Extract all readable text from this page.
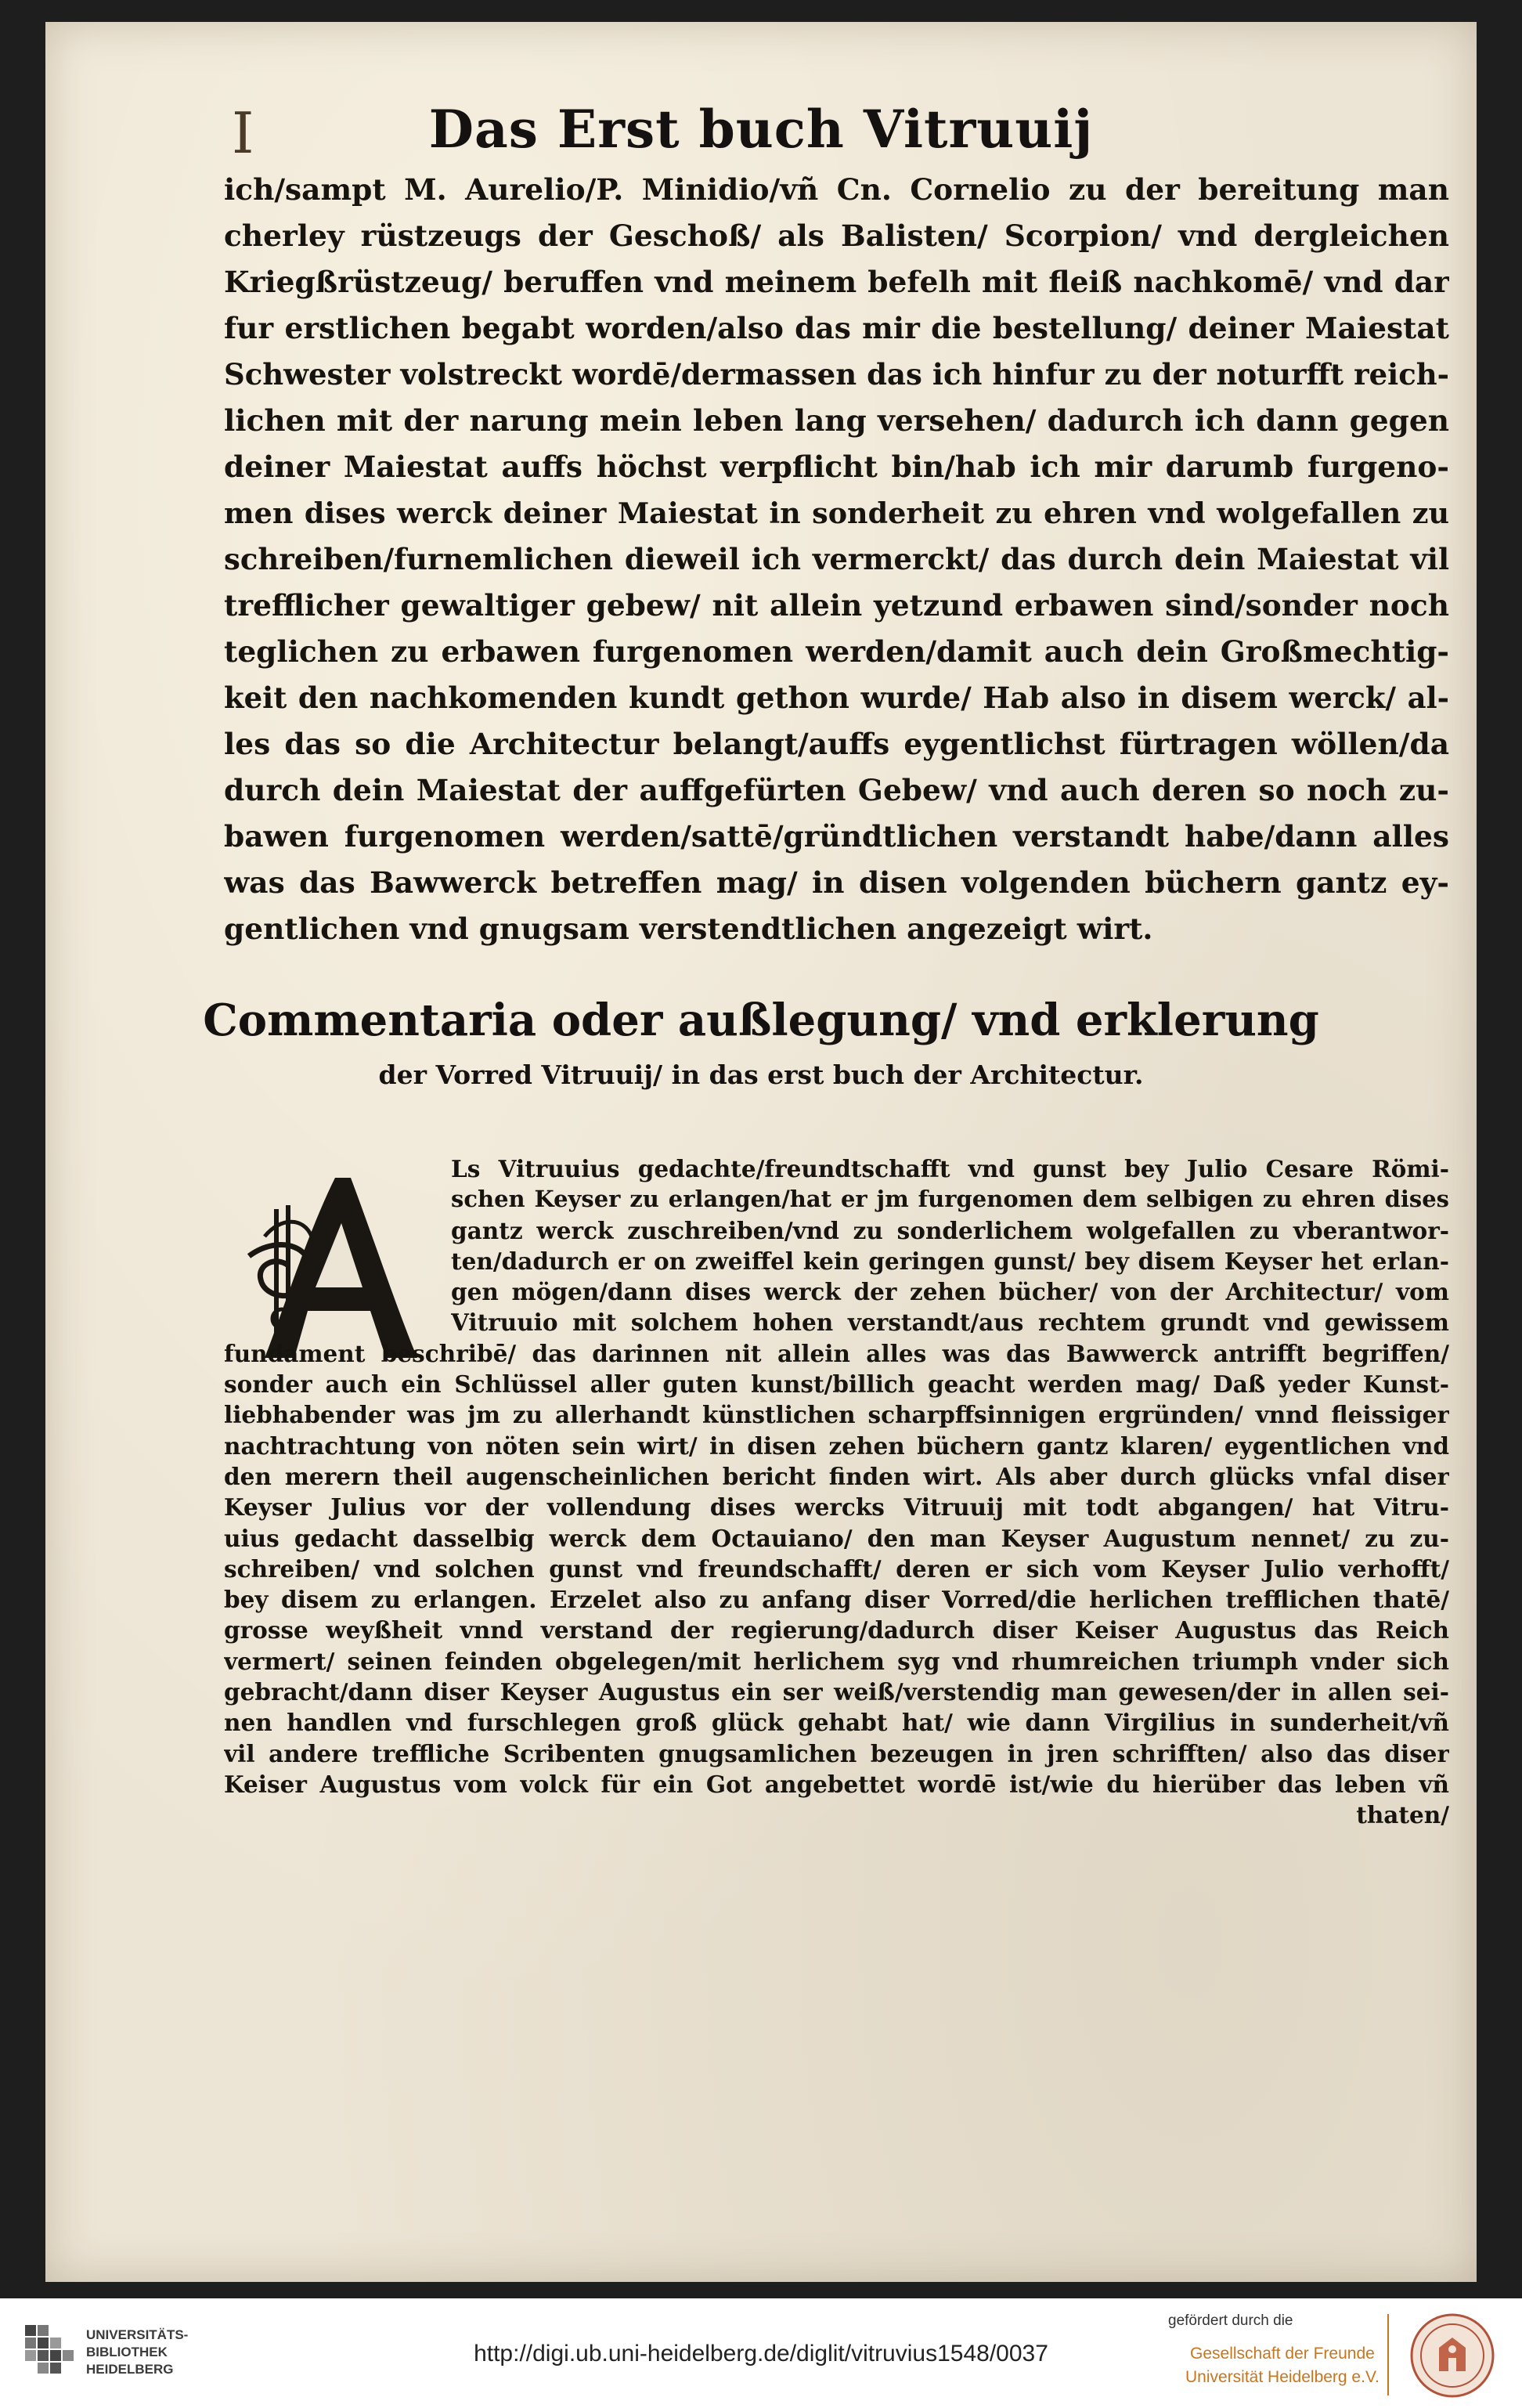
I	Das Erst buch Vitruuij
ich/sampt M. Aurelio/P. Minidio/vñ Cn. Cornelio zu der bereitung man
cherley rüstzeugs der Geschoß/ als Balisten/ Scorpion/ vnd dergleichen
Kriegßrüstzeug/ beruffen vnd meinem befelh mit fleiß nachkomē/ vnd dar
fur erstlichen begabt worden/also das mir die bestellung/ deiner Maiestat
Schwester volstreckt wordē/dermassen das ich hinfur zu der noturfft reich-
lichen mit der narung mein leben lang versehen/ dadurch ich dann gegen
deiner Maiestat auffs höchst verpflicht bin/hab ich mir darumb furgeno-
men dises werck deiner Maiestat in sonderheit zu ehren vnd wolgefallen zu
schreiben/furnemlichen dieweil ich vermerckt/ das durch dein Maiestat vil
trefflicher gewaltiger gebew/ nit allein yetzund erbawen sind/sonder noch
teglichen zu erbawen furgenomen werden/damit auch dein Großmechtig-
keit den nachkomenden kundt gethon wurde/ Hab also in disem werck/ al-
les das so die Architectur belangt/auffs eygentlichst fürtragen wöllen/da
durch dein Maiestat der auffgefürten Gebew/ vnd auch deren so noch zu-
bawen furgenomen werden/sattē/gründtlichen verstandt habe/dann alles
was das Bawwerck betreffen mag/ in disen volgenden büchern gantz ey-
gentlichen vnd gnugsam verstendtlichen angezeigt wirt.
Commentaria oder außlegung/ vnd erklerung
der Vorred Vitruuij/ in das erst buch der Architectur.
Ls Vitruuius gedachte/freundtschafft vnd gunst bey Julio Cesare Römi-
schen Keyser zu erlangen/hat er jm furgenomen dem selbigen zu ehren dises
gantz werck zuschreiben/vnd zu sonderlichem wolgefallen zu vberantwor-
ten/dadurch er on zweiffel kein geringen gunst/ bey disem Keyser het erlan-
gen mögen/dann dises werck der zehen bücher/ von der Architectur/ vom
Vitruuio mit solchem hohen verstandt/aus rechtem grundt vnd gewissem
fundament beschribē/ das darinnen nit allein alles was das Bawwerck antrifft begriffen/
sonder auch ein Schlüssel aller guten kunst/billich geacht werden mag/ Daß yeder Kunst-
liebhabender was jm zu allerhandt künstlichen scharpffsinnigen ergründen/ vnnd fleissiger
nachtrachtung von nöten sein wirt/ in disen zehen büchern gantz klaren/ eygentlichen vnd
den merern theil augenscheinlichen bericht finden wirt. Als aber durch glücks vnfal diser
Keyser Julius vor der vollendung dises wercks Vitruuij mit todt abgangen/ hat Vitru-
uius gedacht dasselbig werck dem Octauiano/ den man Keyser Augustum nennet/ zu zu-
schreiben/ vnd solchen gunst vnd freundschafft/ deren er sich vom Keyser Julio verhofft/
bey disem zu erlangen. Erzelet also zu anfang diser Vorred/die herlichen trefflichen thatē/
grosse weyßheit vnnd verstand der regierung/dadurch diser Keiser Augustus das Reich
vermert/ seinen feinden obgelegen/mit herlichem syg vnd rhumreichen triumph vnder sich
gebracht/dann diser Keyser Augustus ein ser weiß/verstendig man gewesen/der in allen sei-
nen handlen vnd furschlegen groß glück gehabt hat/ wie dann Virgilius in sunderheit/vñ
vil andere treffliche Scribenten gnugsamlichen bezeugen in jren schrifften/ also das diser
Keiser Augustus vom volck für ein Got angebettet wordē ist/wie du hierüber das leben vñ
thaten/
UNIVERSITÄTS-
BIBLIOTHEK
HEIDELBERG
http://digi.ub.uni-heidelberg.de/diglit/vitruvius1548/0037
gefördert durch die
Gesellschaft der Freunde
Universität Heidelberg e.V.
